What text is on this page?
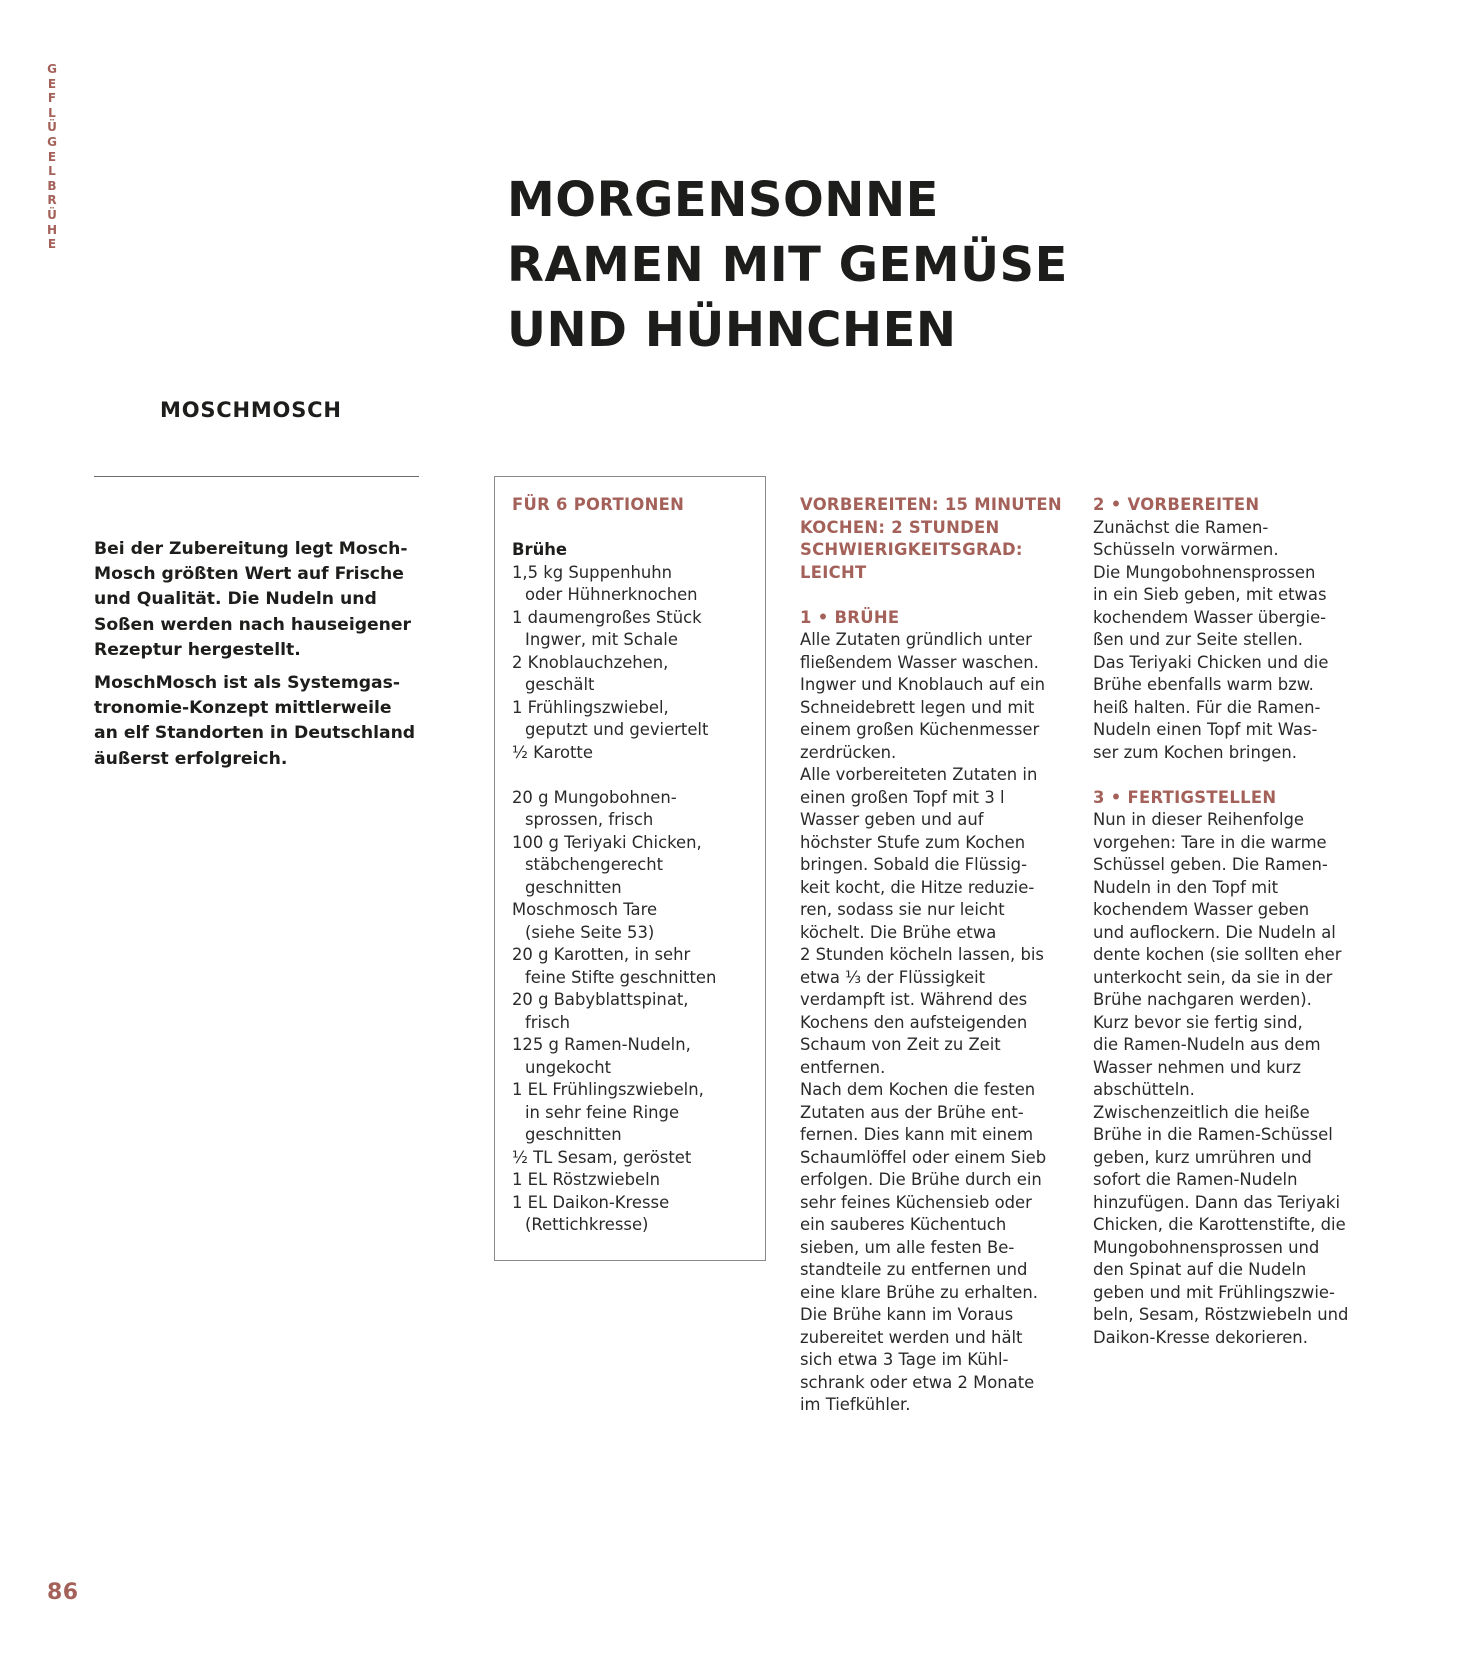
G
E
F
L
Ü
G
E
L
B
R
Ü
H
E
MORGENSONNE
RAMEN MIT GEMÜSE
UND HÜHNCHEN
MOSCHMOSCH

Bei der Zubereitung legt Mosch-
Mosch größten Wert auf Frische
und Qualität. Die Nudeln und
Soßen werden nach hauseigener
Rezeptur hergestellt.

MoschMosch ist als Systemgas-
tronomie-Konzept mittlerweile
an elf Standorten in Deutschland
äußerst erfolgreich.

FÜR 6 PORTIONEN
Brühe
1,5 kg Suppenhuhn
oder Hühnerknochen
1 daumengroßes Stück
Ingwer, mit Schale
2 Knoblauchzehen,
geschält
1 Frühlingszwiebel,
geputzt und geviertelt
½ Karotte
20 g Mungobohnen-
sprossen, frisch
100 g Teriyaki Chicken,
stäbchengerecht
geschnitten
Moschmosch Tare
(siehe Seite 53)
20 g Karotten, in sehr
feine Stifte geschnitten
20 g Babyblattspinat,
frisch
125 g Ramen-Nudeln,
ungekocht
1 EL Frühlingszwiebeln,
in sehr feine Ringe
geschnitten
½ TL Sesam, geröstet
1 EL Röstzwiebeln
1 EL Daikon-Kresse
(Rettichkresse)
VORBEREITEN: 15 MINUTEN
KOCHEN: 2 STUNDEN
SCHWIERIGKEITSGRAD:
LEICHT
1 • BRÜHE
Alle Zutaten gründlich unter
fließendem Wasser waschen.
Ingwer und Knoblauch auf ein
Schneidebrett legen und mit
einem großen Küchenmesser
zerdrücken.
Alle vorbereiteten Zutaten in
einen großen Topf mit 3 l
Wasser geben und auf
höchster Stufe zum Kochen
bringen. Sobald die Flüssig-
keit kocht, die Hitze reduzie-
ren, sodass sie nur leicht
köchelt. Die Brühe etwa
2 Stunden köcheln lassen, bis
etwa ⅓ der Flüssigkeit
verdampft ist. Während des
Kochens den aufsteigenden
Schaum von Zeit zu Zeit
entfernen.
Nach dem Kochen die festen
Zutaten aus der Brühe ent-
fernen. Dies kann mit einem
Schaumlöffel oder einem Sieb
erfolgen. Die Brühe durch ein
sehr feines Küchensieb oder
ein sauberes Küchentuch
sieben, um alle festen Be-
standteile zu entfernen und
eine klare Brühe zu erhalten.
Die Brühe kann im Voraus
zubereitet werden und hält
sich etwa 3 Tage im Kühl-
schrank oder etwa 2 Monate
im Tiefkühler.
2 • VORBEREITEN
Zunächst die Ramen-
Schüsseln vorwärmen.
Die Mungobohnensprossen
in ein Sieb geben, mit etwas
kochendem Wasser übergie-
ßen und zur Seite stellen.
Das Teriyaki Chicken und die
Brühe ebenfalls warm bzw.
heiß halten. Für die Ramen-
Nudeln einen Topf mit Was-
ser zum Kochen bringen.
3 • FERTIGSTELLEN
Nun in dieser Reihenfolge
vorgehen: Tare in die warme
Schüssel geben. Die Ramen-
Nudeln in den Topf mit
kochendem Wasser geben
und auflockern. Die Nudeln al
dente kochen (sie sollten eher
unterkocht sein, da sie in der
Brühe nachgaren werden).
Kurz bevor sie fertig sind,
die Ramen-Nudeln aus dem
Wasser nehmen und kurz
abschütteln.
Zwischenzeitlich die heiße
Brühe in die Ramen-Schüssel
geben, kurz umrühren und
sofort die Ramen-Nudeln
hinzufügen. Dann das Teriyaki
Chicken, die Karottenstifte, die
Mungobohnensprossen und
den Spinat auf die Nudeln
geben und mit Frühlingszwie-
beln, Sesam, Röstzwiebeln und
Daikon-Kresse dekorieren.
86
